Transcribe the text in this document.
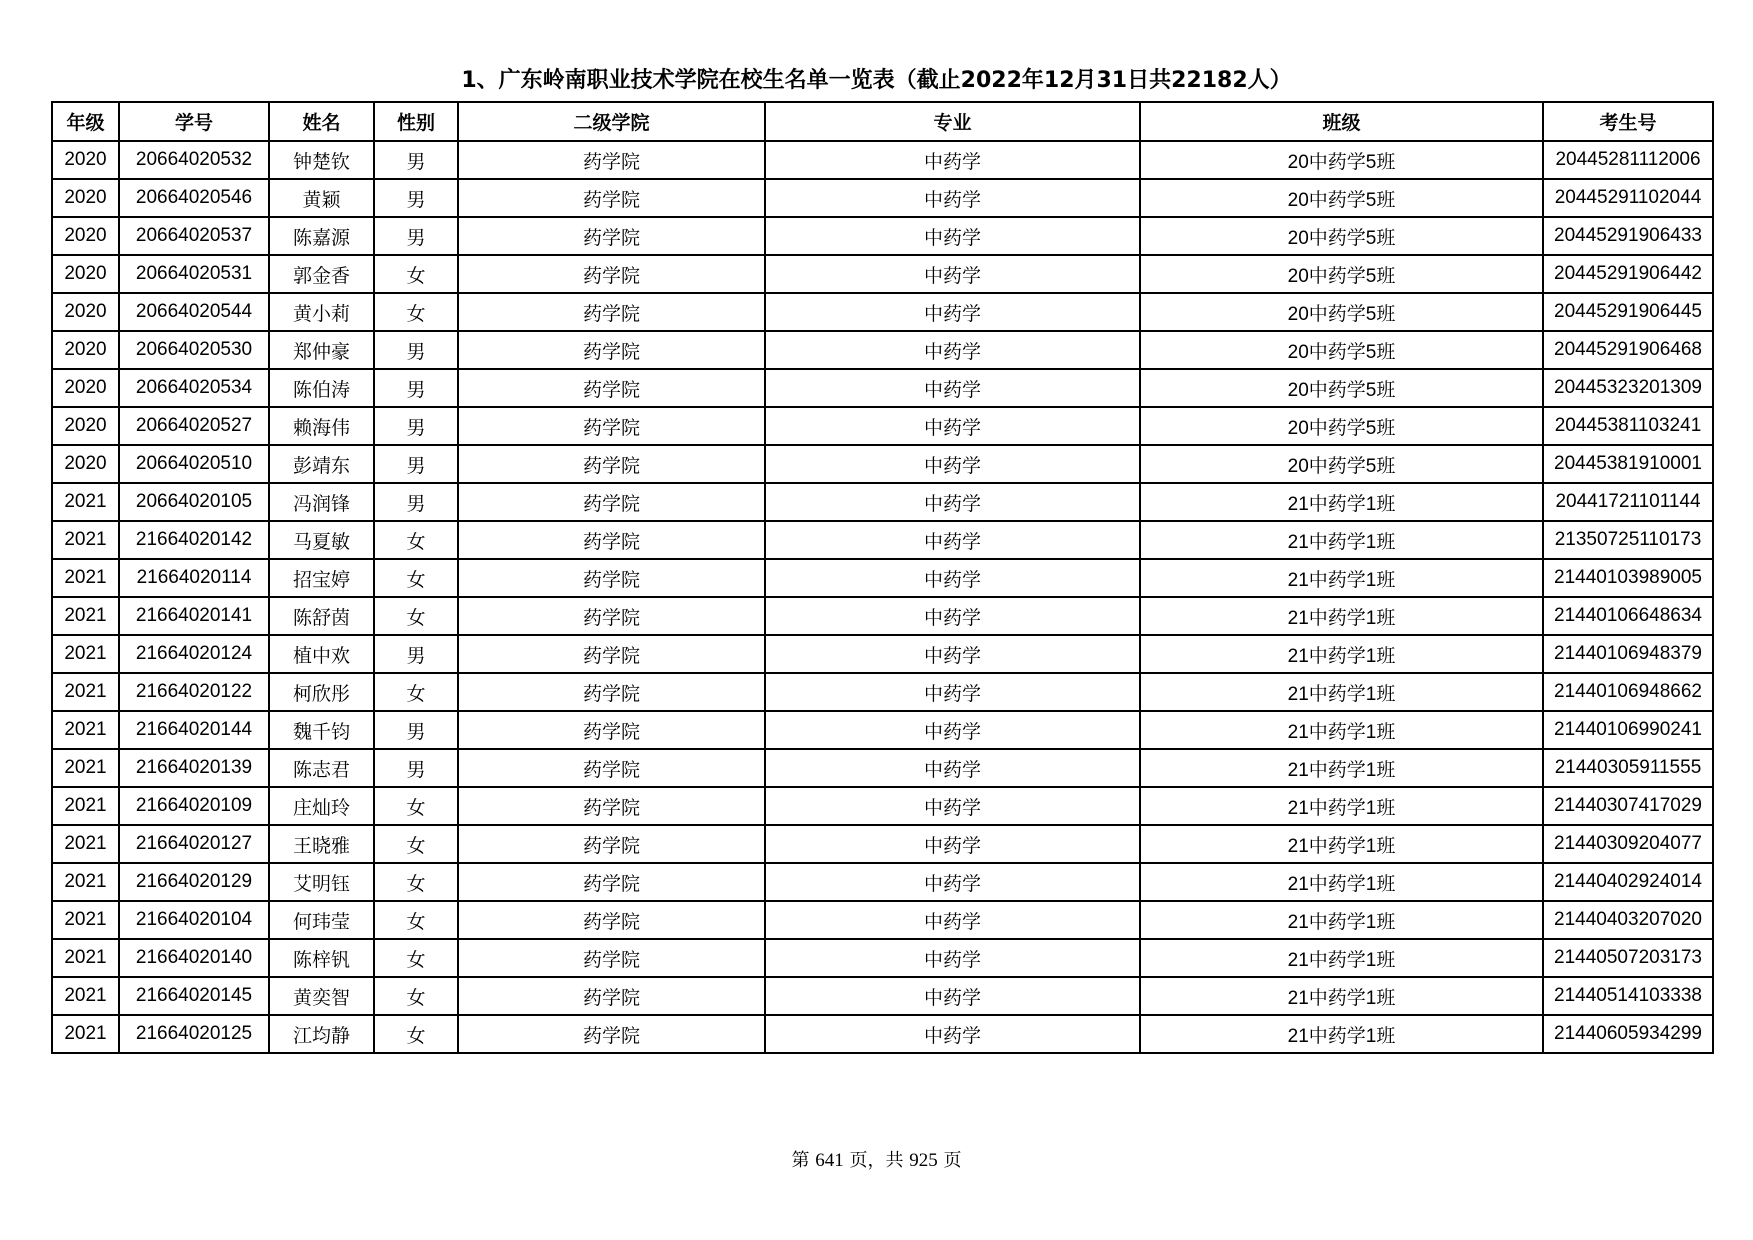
1、广东岭南职业技术学院在校生名单一览表（截止2022年12月31日共22182人）
年级	学号	姓名	性别	二级学院	专业	班级	考生号
2020	20664020532	钟楚钦	男	药学院	中药学	20中药学5班	20445281112006
2020	20664020546	黄颖	男	药学院	中药学	20中药学5班	20445291102044
2020	20664020537	陈嘉源	男	药学院	中药学	20中药学5班	20445291906433
2020	20664020531	郭金香	女	药学院	中药学	20中药学5班	20445291906442
2020	20664020544	黄小莉	女	药学院	中药学	20中药学5班	20445291906445
2020	20664020530	郑仲豪	男	药学院	中药学	20中药学5班	20445291906468
2020	20664020534	陈伯涛	男	药学院	中药学	20中药学5班	20445323201309
2020	20664020527	赖海伟	男	药学院	中药学	20中药学5班	20445381103241
2020	20664020510	彭靖东	男	药学院	中药学	20中药学5班	20445381910001
2021	20664020105	冯润锋	男	药学院	中药学	21中药学1班	20441721101144
2021	21664020142	马夏敏	女	药学院	中药学	21中药学1班	21350725110173
2021	21664020114	招宝婷	女	药学院	中药学	21中药学1班	21440103989005
2021	21664020141	陈舒茵	女	药学院	中药学	21中药学1班	21440106648634
2021	21664020124	植中欢	男	药学院	中药学	21中药学1班	21440106948379
2021	21664020122	柯欣彤	女	药学院	中药学	21中药学1班	21440106948662
2021	21664020144	魏千钧	男	药学院	中药学	21中药学1班	21440106990241
2021	21664020139	陈志君	男	药学院	中药学	21中药学1班	21440305911555
2021	21664020109	庄灿玲	女	药学院	中药学	21中药学1班	21440307417029
2021	21664020127	王晓雅	女	药学院	中药学	21中药学1班	21440309204077
2021	21664020129	艾明钰	女	药学院	中药学	21中药学1班	21440402924014
2021	21664020104	何玮莹	女	药学院	中药学	21中药学1班	21440403207020
2021	21664020140	陈梓钒	女	药学院	中药学	21中药学1班	21440507203173
2021	21664020145	黄奕智	女	药学院	中药学	21中药学1班	21440514103338
2021	21664020125	江均静	女	药学院	中药学	21中药学1班	21440605934299
第 641 页，共 925 页
